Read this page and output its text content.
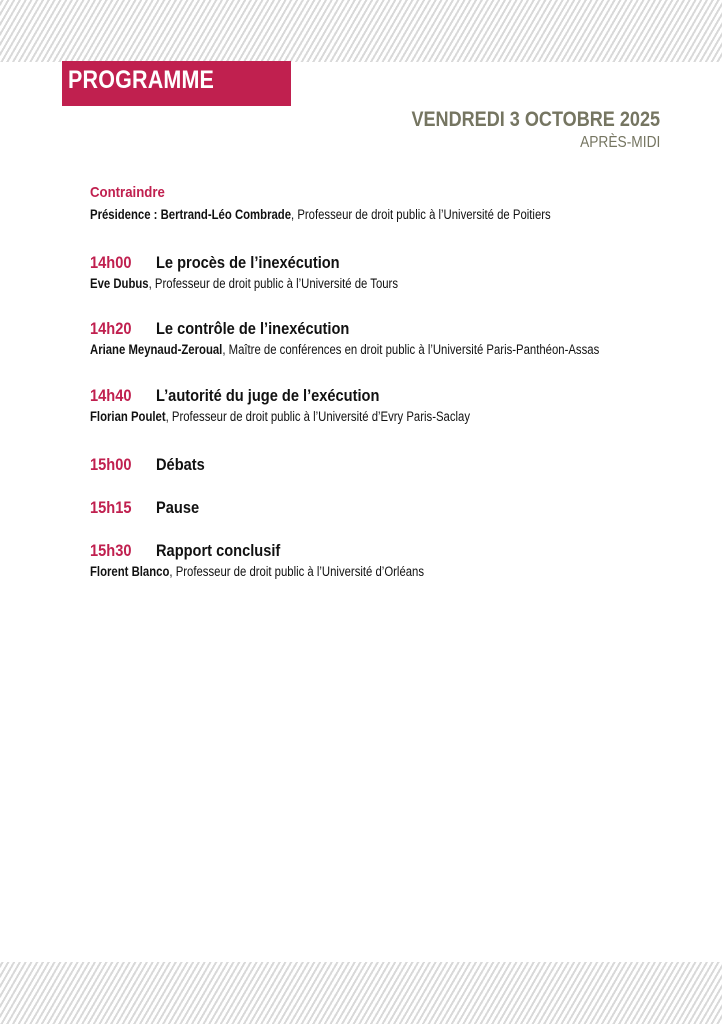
PROGRAMME
VENDREDI 3 OCTOBRE 2025
APRÈS-MIDI
Contraindre
Présidence : Bertrand-Léo Combrade, Professeur de droit public à l’Université de Poitiers
14h00 Le procès de l’inexécution
Eve Dubus, Professeur de droit public à l’Université de Tours
14h20 Le contrôle de l’inexécution
Ariane Meynaud-Zeroual, Maître de conférences en droit public à l’Université Paris-Panthéon-Assas
14h40 L’autorité du juge de l’exécution
Florian Poulet, Professeur de droit public à l’Université d’Evry Paris-Saclay
15h00 Débats
15h15 Pause
15h30 Rapport conclusif
Florent Blanco, Professeur de droit public à l’Université d’Orléans
